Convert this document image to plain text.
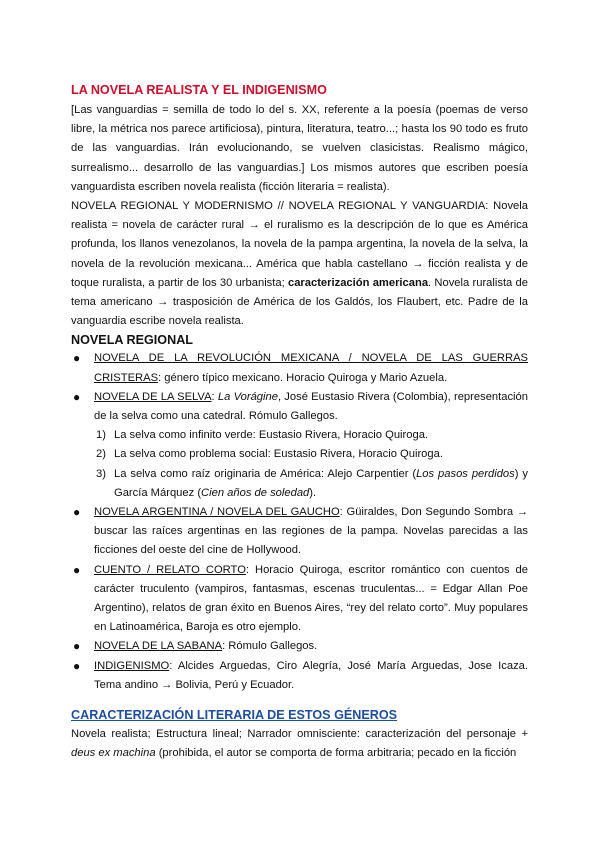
LA NOVELA REALISTA Y EL INDIGENISMO

[Las vanguardias = semilla de todo lo del s. XX, referente a la poesía (poemas de verso libre, la métrica nos parece artificiosa), pintura, literatura, teatro...; hasta los 90 todo es fruto de las vanguardias. Irán evolucionando, se vuelven clasicistas. Realismo mágico, surrealismo... desarrollo de las vanguardias.] Los mismos autores que escriben poesía vanguardista escriben novela realista (ficción literaria = realista).

NOVELA REGIONAL Y MODERNISMO // NOVELA REGIONAL Y VANGUARDIA: Novela realista = novela de carácter rural → el ruralismo es la descripción de lo que es América profunda, los llanos venezolanos, la novela de la pampa argentina, la novela de la selva, la novela de la revolución mexicana... América que habla castellano → ficción realista y de toque ruralista, a partir de los 30 urbanista; caracterización americana. Novela ruralista de tema americano → trasposición de América de los Galdós, los Flaubert, etc. Padre de la vanguardia escribe novela realista.

NOVELA REGIONAL
● NOVELA DE LA REVOLUCIÓN MEXICANA / NOVELA DE LAS GUERRAS CRISTERAS: género típico mexicano. Horacio Quiroga y Mario Azuela.
● NOVELA DE LA SELVA: La Vorágine, José Eustasio Rivera (Colombia), representación de la selva como una catedral. Rómulo Gallegos.
1) La selva como infinito verde: Eustasio Rivera, Horacio Quiroga.
2) La selva como problema social: Eustasio Rivera, Horacio Quiroga.
3) La selva como raíz originaria de América: Alejo Carpentier (Los pasos perdidos) y García Márquez (Cien años de soledad).
● NOVELA ARGENTINA / NOVELA DEL GAUCHO: Güiraldes, Don Segundo Sombra → buscar las raíces argentinas en las regiones de la pampa. Novelas parecidas a las ficciones del oeste del cine de Hollywood.
● CUENTO / RELATO CORTO: Horacio Quiroga, escritor romántico con cuentos de carácter truculento (vampiros, fantasmas, escenas truculentas... = Edgar Allan Poe Argentino), relatos de gran éxito en Buenos Aires, “rey del relato corto”. Muy populares en Latinoamérica, Baroja es otro ejemplo.
● NOVELA DE LA SABANA: Rómulo Gallegos.
● INDIGENISMO: Alcides Arguedas, Ciro Alegría, José María Arguedas, Jose Icaza. Tema andino → Bolivia, Perú y Ecuador.
CARACTERIZACIÓN LITERARIA DE ESTOS GÉNEROS

Novela realista; Estructura lineal; Narrador omnisciente: caracterización del personaje + deus ex machina (prohibida, el autor se comporta de forma arbitraria; pecado en la ficción
